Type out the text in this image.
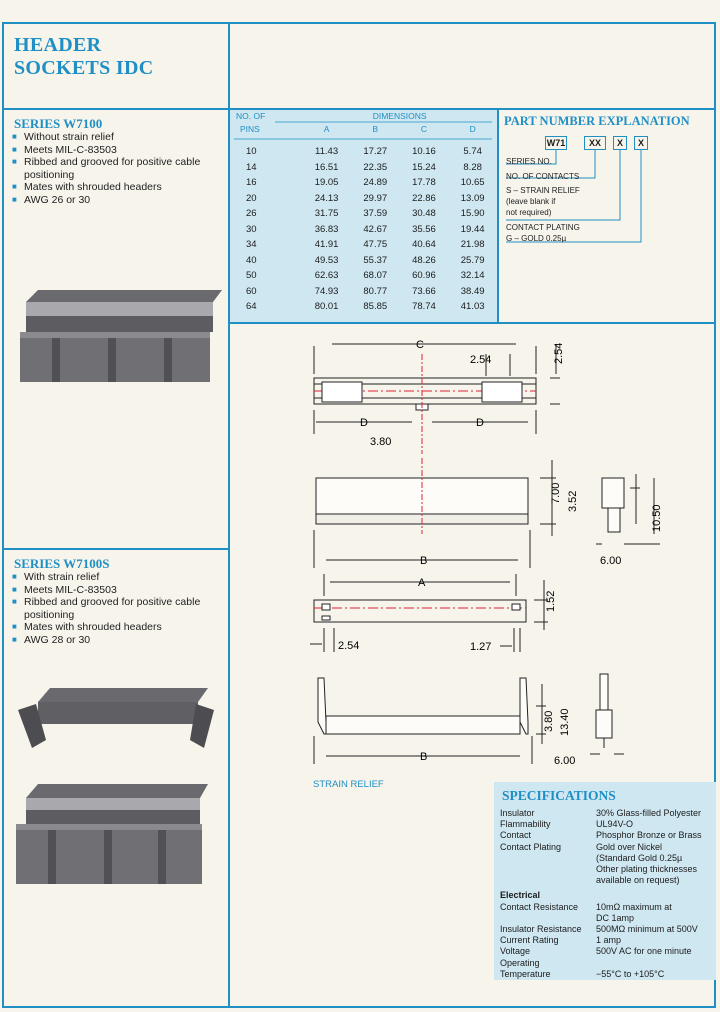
HEADER
SOCKETS IDC
SERIES W7100
■ Without strain relief
■ Meets MIL-C-83503
■ Ribbed and grooved for positive cable positioning
■ Mates with shrouded headers
■ AWG 26 or 30
SERIES W7100S
■ With strain relief
■ Meets MIL-C-83503
■ Ribbed and grooved for positive cable positioning
■ Mates with shrouded headers
■ AWG 28 or 30
NO. OF	DIMENSIONS			
PINS	A	B	C	D

10	11.43	17.27	10.16	5.74
14	16.51	22.35	15.24	8.28
16	19.05	24.89	17.78	10.65
20	24.13	29.97	22.86	13.09
26	31.75	37.59	30.48	15.90
30	36.83	42.67	35.56	19.44
34	41.91	47.75	40.64	21.98
40	49.53	55.37	48.26	25.79
50	62.63	68.07	60.96	32.14
60	74.93	80.77	73.66	38.49
64	80.01	85.85	78.74	41.03
PART NUMBER EXPLANATION
W71	XX	X	X
SERIES NO.
NO. OF CONTACTS
S – STRAIN RELIEF
(leave blank if
not required)
CONTACT PLATING
G – GOLD 0.25µ
C
2.54	2.54
D	D
3.80
B
7.00 3.52
10.50
6.00
A
1.52
2.54	1.27
B
3.80 13.40
6.00
STRAIN RELIEF
SPECIFICATIONS
Insulator	30% Glass-filled Polyester
Flammability	UL94V-O
Contact	Phosphor Bronze or Brass
Contact Plating	Gold over Nickel
(Standard Gold 0.25µ
Other plating thicknesses
available on request)
Electrical
Contact Resistance	10mΩ maximum at
DC 1amp
Insulator Resistance	500MΩ minimum at 500V
Current Rating	1 amp
Voltage	500V AC for one minute
Operating
Temperature	−55°C to +105°C
